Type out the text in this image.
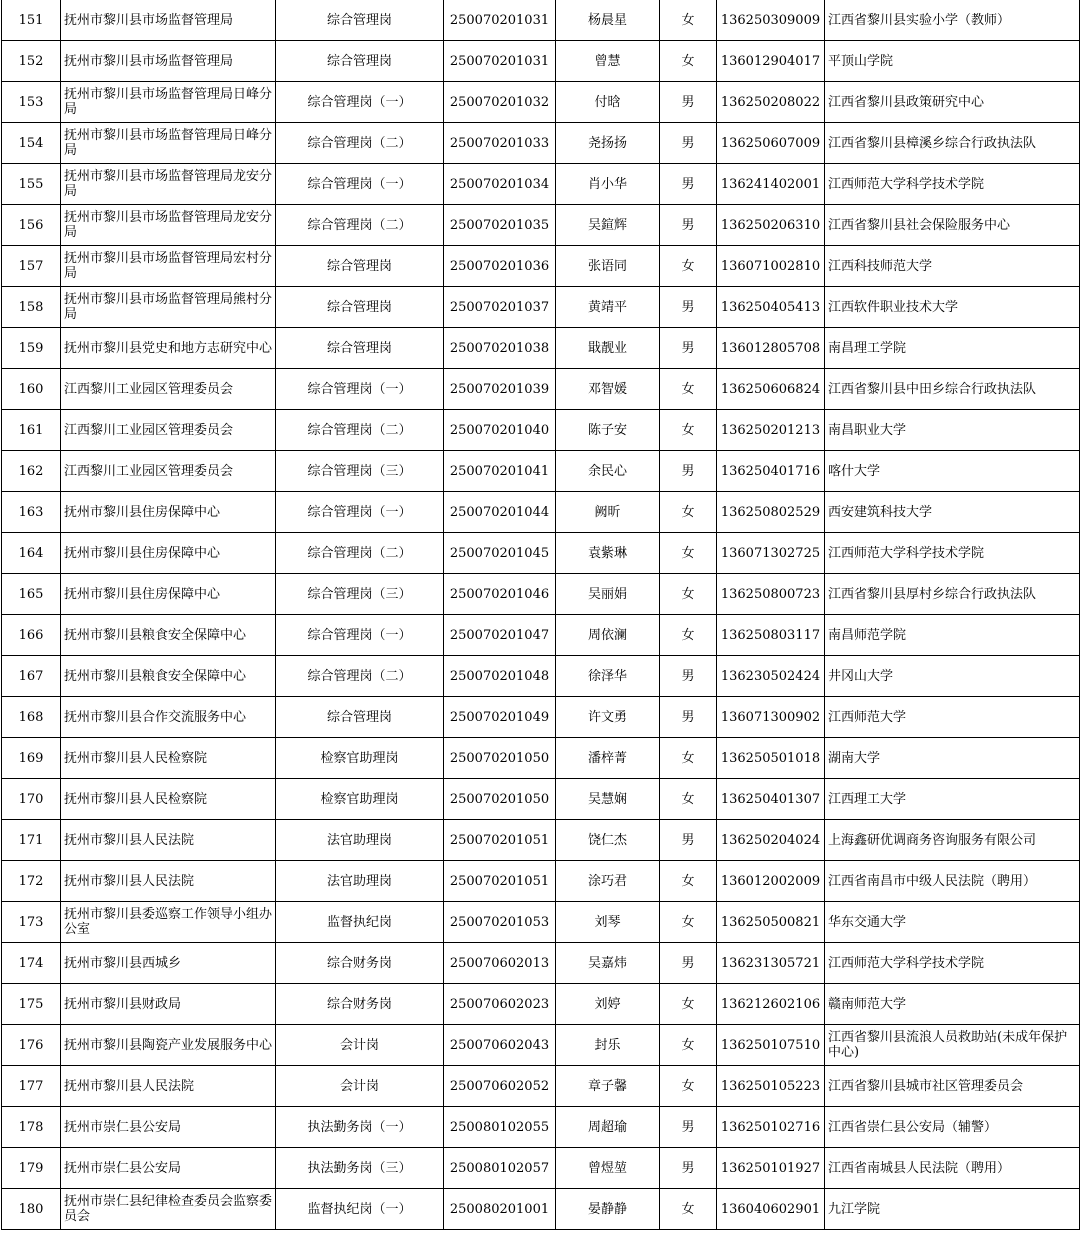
151	抚州市黎川县市场监督管理局	综合管理岗	250070201031	杨晨星	女	136250309009	江西省黎川县实验小学（教师）
152	抚州市黎川县市场监督管理局	综合管理岗	250070201031	曾慧	女	136012904017	平顶山学院
153	抚州市黎川县市场监督管理局日峰分局	综合管理岗（一）	250070201032	付晗	男	136250208022	江西省黎川县政策研究中心
154	抚州市黎川县市场监督管理局日峰分局	综合管理岗（二）	250070201033	尧扬扬	男	136250607009	江西省黎川县樟溪乡综合行政执法队
155	抚州市黎川县市场监督管理局龙安分局	综合管理岗（一）	250070201034	肖小华	男	136241402001	江西师范大学科学技术学院
156	抚州市黎川县市场监督管理局龙安分局	综合管理岗（二）	250070201035	吴鍹辉	男	136250206310	江西省黎川县社会保险服务中心
157	抚州市黎川县市场监督管理局宏村分局	综合管理岗	250070201036	张语同	女	136071002810	江西科技师范大学
158	抚州市黎川县市场监督管理局熊村分局	综合管理岗	250070201037	黄靖平	男	136250405413	江西软件职业技术大学
159	抚州市黎川县党史和地方志研究中心	综合管理岗	250070201038	戢靓业	男	136012805708	南昌理工学院
160	江西黎川工业园区管理委员会	综合管理岗（一）	250070201039	邓智媛	女	136250606824	江西省黎川县中田乡综合行政执法队
161	江西黎川工业园区管理委员会	综合管理岗（二）	250070201040	陈子安	女	136250201213	南昌职业大学
162	江西黎川工业园区管理委员会	综合管理岗（三）	250070201041	余民心	男	136250401716	喀什大学
163	抚州市黎川县住房保障中心	综合管理岗（一）	250070201044	阙昕	女	136250802529	西安建筑科技大学
164	抚州市黎川县住房保障中心	综合管理岗（二）	250070201045	袁紫琳	女	136071302725	江西师范大学科学技术学院
165	抚州市黎川县住房保障中心	综合管理岗（三）	250070201046	吴丽娟	女	136250800723	江西省黎川县厚村乡综合行政执法队
166	抚州市黎川县粮食安全保障中心	综合管理岗（一）	250070201047	周依澜	女	136250803117	南昌师范学院
167	抚州市黎川县粮食安全保障中心	综合管理岗（二）	250070201048	徐泽华	男	136230502424	井冈山大学
168	抚州市黎川县合作交流服务中心	综合管理岗	250070201049	许文勇	男	136071300902	江西师范大学
169	抚州市黎川县人民检察院	检察官助理岗	250070201050	潘梓菁	女	136250501018	湖南大学
170	抚州市黎川县人民检察院	检察官助理岗	250070201050	吴慧娴	女	136250401307	江西理工大学
171	抚州市黎川县人民法院	法官助理岗	250070201051	饶仁杰	男	136250204024	上海鑫研优调商务咨询服务有限公司
172	抚州市黎川县人民法院	法官助理岗	250070201051	涂巧君	女	136012002009	江西省南昌市中级人民法院（聘用）
173	抚州市黎川县委巡察工作领导小组办公室	监督执纪岗	250070201053	刘琴	女	136250500821	华东交通大学
174	抚州市黎川县西城乡	综合财务岗	250070602013	吴嘉炜	男	136231305721	江西师范大学科学技术学院
175	抚州市黎川县财政局	综合财务岗	250070602023	刘婷	女	136212602106	赣南师范大学
176	抚州市黎川县陶瓷产业发展服务中心	会计岗	250070602043	封乐	女	136250107510	江西省黎川县流浪人员救助站(未成年保护中心)
177	抚州市黎川县人民法院	会计岗	250070602052	章子馨	女	136250105223	江西省黎川县城市社区管理委员会
178	抚州市崇仁县公安局	执法勤务岗（一）	250080102055	周超瑜	男	136250102716	江西省崇仁县公安局（辅警）
179	抚州市崇仁县公安局	执法勤务岗（三）	250080102057	曾煜堃	男	136250101927	江西省南城县人民法院（聘用）
180	抚州市崇仁县纪律检查委员会监察委员会	监督执纪岗（一）	250080201001	晏静静	女	136040602901	九江学院
